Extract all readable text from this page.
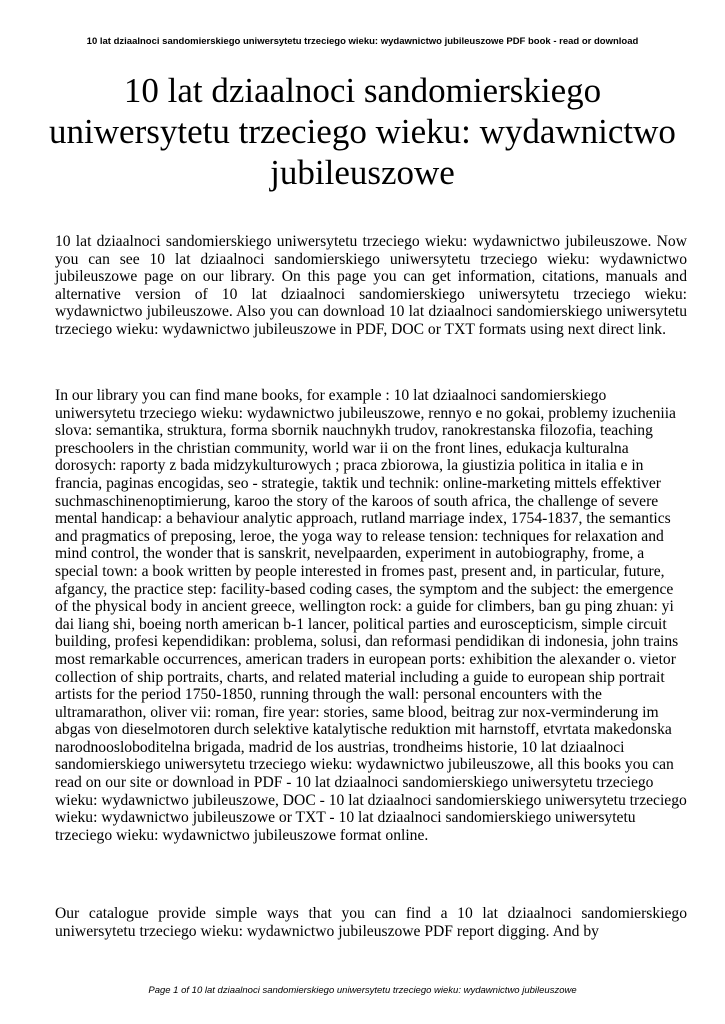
10 lat dziaalnoci sandomierskiego uniwersytetu trzeciego wieku: wydawnictwo jubileuszowe PDF book - read or download
10 lat dziaalnoci sandomierskiego uniwersytetu trzeciego wieku: wydawnictwo jubileuszowe

10 lat dziaalnoci sandomierskiego uniwersytetu trzeciego wieku: wydawnictwo jubileuszowe. Now you can see 10 lat dziaalnoci sandomierskiego uniwersytetu trzeciego wieku: wydawnictwo jubileuszowe page on our library. On this page you can get information, citations, manuals and alternative version of 10 lat dziaalnoci sandomierskiego uniwersytetu trzeciego wieku: wydawnictwo jubileuszowe. Also you can download 10 lat dziaalnoci sandomierskiego uniwersytetu trzeciego wieku: wydawnictwo jubileuszowe in PDF, DOC or TXT formats using next direct link.

In our library you can find mane books, for example : 10 lat dziaalnoci sandomierskiego uniwersytetu trzeciego wieku: wydawnictwo jubileuszowe, rennyo e no gokai, problemy izucheniia slova: semantika, struktura, forma sbornik nauchnykh trudov, ranokrestanska filozofia, teaching preschoolers in the christian community, world war ii on the front lines, edukacja kulturalna dorosych: raporty z bada midzykulturowych ; praca zbiorowa, la giustizia politica in italia e in francia, paginas encogidas, seo - strategie, taktik und technik: online-marketing mittels effektiver suchmaschinenoptimierung, karoo the story of the karoos of south africa, the challenge of severe mental handicap: a behaviour analytic approach, rutland marriage index, 1754-1837, the semantics and pragmatics of preposing, leroe, the yoga way to release tension: techniques for relaxation and mind control, the wonder that is sanskrit, nevelpaarden, experiment in autobiography, frome, a special town: a book written by people interested in fromes past, present and, in particular, future, afgancy, the practice step: facility-based coding cases, the symptom and the subject: the emergence of the physical body in ancient greece, wellington rock: a guide for climbers, ban gu ping zhuan: yi dai liang shi, boeing north american b-1 lancer, political parties and euroscepticism, simple circuit building, profesi kependidikan: problema, solusi, dan reformasi pendidikan di indonesia, john trains most remarkable occurrences, american traders in european ports: exhibition the alexander o. vietor collection of ship portraits, charts, and related material including a guide to european ship portrait artists for the period 1750-1850, running through the wall: personal encounters with the ultramarathon, oliver vii: roman, fire year: stories, same blood, beitrag zur nox-verminderung im abgas von dieselmotoren durch selektive katalytische reduktion mit harnstoff, etvrtata makedonska narodnoosloboditelna brigada, madrid de los austrias, trondheims historie, 10 lat dziaalnoci sandomierskiego uniwersytetu trzeciego wieku: wydawnictwo jubileuszowe, all this books you can read on our site or download in PDF - 10 lat dziaalnoci sandomierskiego uniwersytetu trzeciego wieku: wydawnictwo jubileuszowe, DOC - 10 lat dziaalnoci sandomierskiego uniwersytetu trzeciego wieku: wydawnictwo jubileuszowe or TXT - 10 lat dziaalnoci sandomierskiego uniwersytetu trzeciego wieku: wydawnictwo jubileuszowe format online.

Our catalogue provide simple ways that you can find a 10 lat dziaalnoci sandomierskiego uniwersytetu trzeciego wieku: wydawnictwo jubileuszowe PDF report digging. And by

Page 1 of 10 lat dziaalnoci sandomierskiego uniwersytetu trzeciego wieku: wydawnictwo jubileuszowe
